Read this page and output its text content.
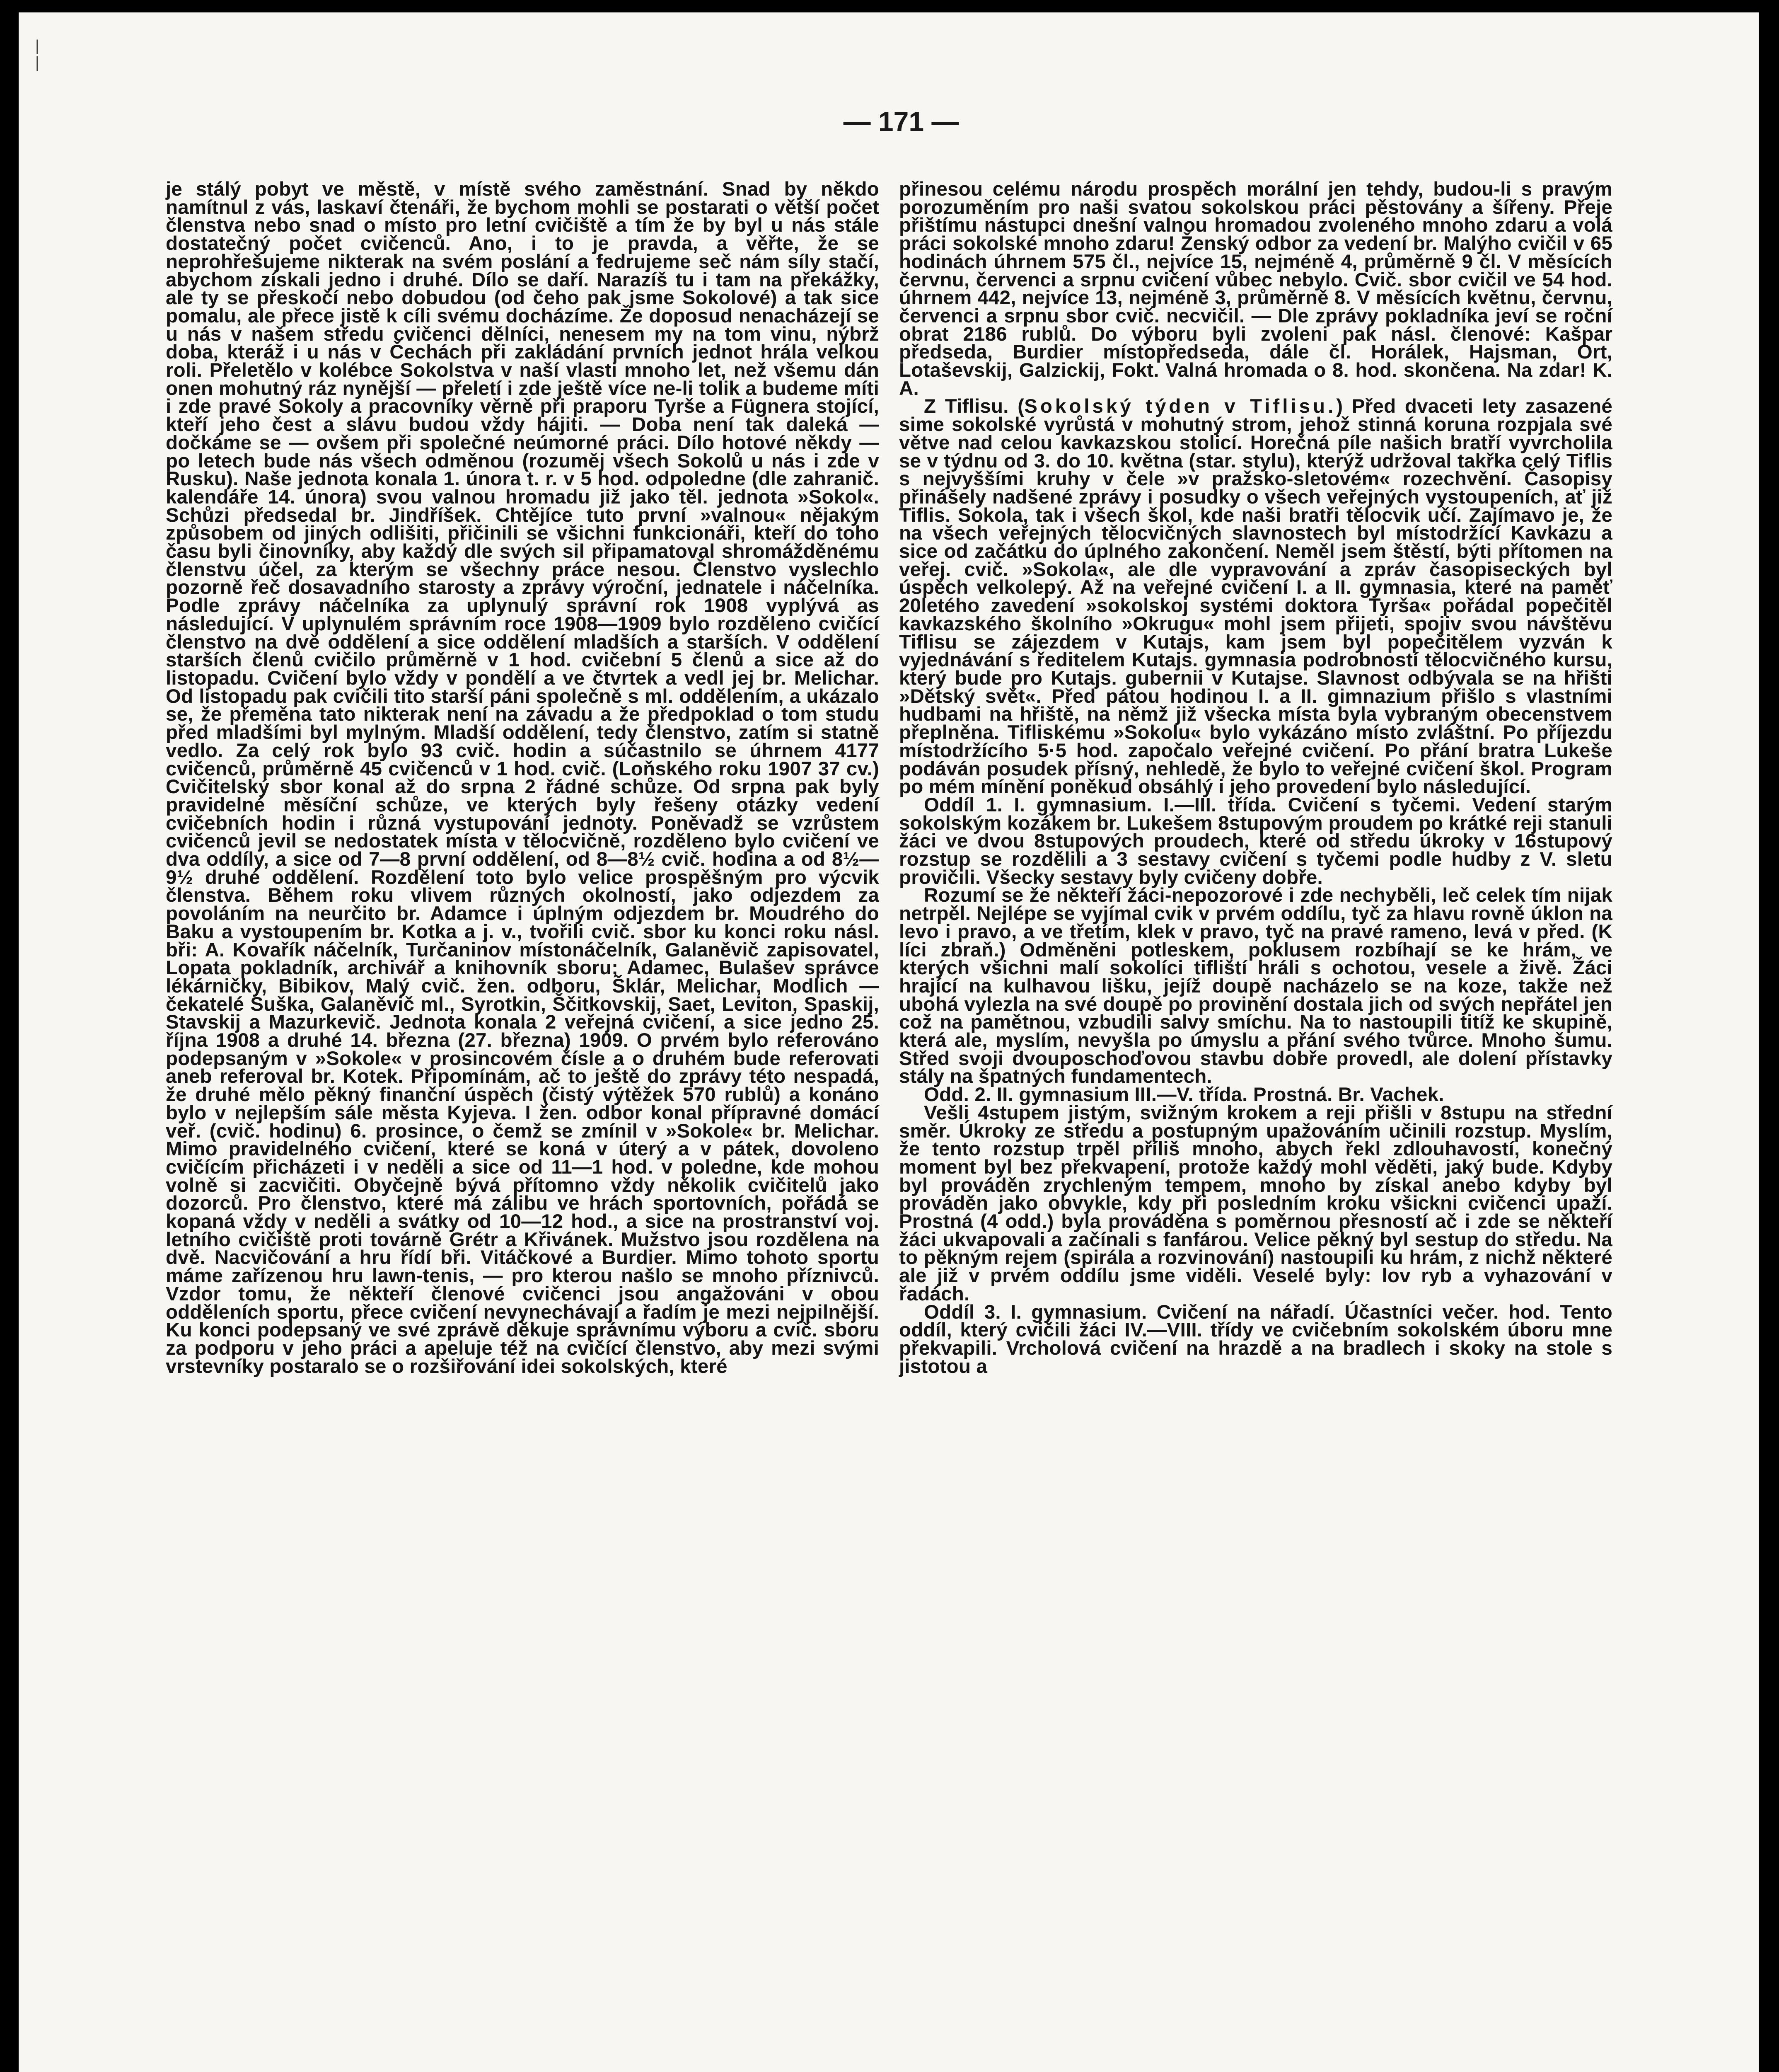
— 171 —
|
|

je stálý pobyt ve městě, v místě svého zaměstnání. Snad by někdo namítnul z vás, laskaví čtenáři, že bychom mohli se postarati o větší počet členstva nebo snad o místo pro letní cvičiště a tím že by byl u nás stále dostatečný počet cvičenců. Ano, i to je pravda, a věřte, že se neprohřešujeme nikterak na svém poslání a fedrujeme seč nám síly stačí, abychom získali jedno i druhé. Dílo se daří. Narazíš tu i tam na překážky, ale ty se přeskočí nebo dobudou (od čeho pak jsme Sokolové) a tak sice pomalu, ale přece jistě k cíli svému docházíme. Že doposud nenacházejí se u nás v našem středu cvičenci dělníci, nenesem my na tom vinu, nýbrž doba, kteráž i u nás v Čechách při zakládání prvních jednot hrála velkou roli. Přeletělo v kolébce Sokolstva v naší vlasti mnoho let, než všemu dán onen mohutný ráz nynější — přeletí i zde ještě více ne-li tolik a budeme míti i zde pravé Sokoly a pracovníky věrně při praporu Tyrše a Fügnera stojící, kteří jeho čest a slávu budou vždy hájiti. — Doba není tak daleká — dočkáme se — ovšem při společné neúmorné práci. Dílo hotové někdy — po letech bude nás všech odměnou (rozuměj všech Sokolů u nás i zde v Rusku). Naše jednota konala 1. února t. r. v 5 hod. odpoledne (dle zahranič. kalendáře 14. února) svou valnou hromadu již jako těl. jednota »Sokol«. Schůzi předsedal br. Jindříšek. Chtějíce tuto první »valnou« nějakým způsobem od jiných odlišiti, přičinili se všichni funkcionáři, kteří do toho času byli činovníky, aby každý dle svých sil připamatoval shromážděnému členstvu účel, za kterým se všechny práce nesou. Členstvo vyslechlo pozorně řeč dosavadního starosty a zprávy výroční, jednatele i náčelníka. Podle zprávy náčelníka za uplynulý správní rok 1908 vyplývá as následující. V uplynulém správním roce 1908—1909 bylo rozděleno cvičící členstvo na dvě oddělení a sice oddělení mladších a starších. V oddělení starších členů cvičilo průměrně v 1 hod. cvičební 5 členů a sice až do listopadu. Cvičení bylo vždy v pondělí a ve čtvrtek a vedl jej br. Melichar. Od listopadu pak cvičili tito starší páni společně s ml. oddělením, a ukázalo se, že přeměna tato nikterak není na závadu a že předpoklad o tom studu před mladšími byl mylným. Mladší oddělení, tedy členstvo, zatím si statně vedlo. Za celý rok bylo 93 cvič. hodin a súčastnilo se úhrnem 4177 cvičenců, průměrně 45 cvičenců v 1 hod. cvič. (Loňského roku 1907 37 cv.) Cvičitelský sbor konal až do srpna 2 řádné schůze. Od srpna pak byly pravidelné měsíční schůze, ve kterých byly řešeny otázky vedení cvičebních hodin i různá vystupování jednoty. Poněvadž se vzrůstem cvičenců jevil se nedostatek místa v tělocvičně, rozděleno bylo cvičení ve dva oddíly, a sice od 7—8 první oddělení, od 8—8½ cvič. hodina a od 8½—9½ druhé oddělení. Rozdělení toto bylo velice prospěšným pro výcvik členstva. Během roku vlivem různých okolností, jako odjezdem za povoláním na neurčito br. Adamce i úplným odjezdem br. Moudrého do Baku a vystoupením br. Kotka a j. v., tvořili cvič. sbor ku konci roku násl. bři: A. Kovařík náčelník, Turčaninov místonáčelník, Galaněvič zapisovatel, Lopata pokladník, archivář a knihovník sboru; Adamec, Bulašev správce lékárničky, Bibikov, Malý cvič. žen. odboru, Šklár, Melichar, Modlich — čekatelé Suška, Galaněvič ml., Syrotkin, Ščitkovskij, Saet, Leviton, Spaskij, Stavskij a Mazurkevič. Jednota konala 2 veřejná cvičení, a sice jedno 25. října 1908 a druhé 14. března (27. března) 1909. O prvém bylo referováno podepsaným v »Sokole« v prosincovém čísle a o druhém bude referovati aneb referoval br. Kotek. Připomínám, ač to ještě do zprávy této nespadá, že druhé mělo pěkný finanční úspěch (čistý výtěžek 570 rublů) a konáno bylo v nejlepším sále města Kyjeva. I žen. odbor konal přípravné domácí veř. (cvič. hodinu) 6. prosince, o čemž se zmínil v »Sokole« br. Melichar. Mimo pravidelného cvičení, které se koná v úterý a v pátek, dovoleno cvičícím přicházeti i v neděli a sice od 11—1 hod. v poledne, kde mohou volně si zacvičiti. Obyčejně bývá přítomno vždy několik cvičitelů jako dozorců. Pro členstvo, které má zálibu ve hrách sportovních, pořádá se kopaná vždy v neděli a svátky od 10—12 hod., a sice na prostranství voj. letního cvičiště proti továrně Grétr a Křivánek. Mužstvo jsou rozdělena na dvě. Nacvičování a hru řídí bři. Vitáčkové a Burdier. Mimo tohoto sportu máme zařízenou hru lawn-tenis, — pro kterou našlo se mnoho příznivců. Vzdor tomu, že někteří členové cvičenci jsou angažováni v obou odděleních sportu, přece cvičení nevynechávají a řadím je mezi nejpilnější. Ku konci podepsaný ve své zprávě děkuje správnímu výboru a cvič. sboru za podporu v jeho práci a apeluje též na cvičící členstvo, aby mezi svými vrstevníky postaralo se o rozšiřování idei sokolských, které

přinesou celému národu prospěch morální jen tehdy, budou-li s pravým porozuměním pro naši svatou sokolskou práci pěstovány a šířeny. Přeje přištímu nástupci dnešní valnou hromadou zvoleného mnoho zdaru a volá práci sokolské mnoho zdaru! Ženský odbor za vedení br. Malýho cvičil v 65 hodinách úhrnem 575 čl., nejvíce 15, nejméně 4, průměrně 9 čl. V měsících červnu, červenci a srpnu cvičení vůbec nebylo. Cvič. sbor cvičil ve 54 hod. úhrnem 442, nejvíce 13, nejméně 3, průměrně 8. V měsících květnu, červnu, červenci a srpnu sbor cvič. necvičil. — Dle zprávy pokladníka jeví se roční obrat 2186 rublů. Do výboru byli zvoleni pak násl. členové: Kašpar předseda, Burdier místopředseda, dále čl. Horálek, Hajsman, Ort, Lotaševskij, Galzickij, Fokt. Valná hromada o 8. hod. skončena. Na zdar! K. A.

Z Tiflisu. (Sokolský týden v Tiflisu.) Před dvaceti lety zasazené sime sokolské vyrůstá v mohutný strom, jehož stinná koruna rozpjala své větve nad celou kavkazskou stolicí. Horečná píle našich bratří vyvrcholila se v týdnu od 3. do 10. května (star. stylu), kterýž udržoval takřka celý Tiflis s nejvyššími kruhy v čele »v pražsko-sletovém« rozechvění. Časopisy přinášely nadšené zprávy i posudky o všech veřejných vystoupeních, ať již Tiflis. Sokola, tak i všech škol, kde naši bratři tělocvik učí. Zajímavo je, že na všech veřejných tělocvičných slavnostech byl místodržící Kavkazu a sice od začátku do úplného zakončení. Neměl jsem štěstí, býti přítomen na veřej. cvič. »Sokola«, ale dle vypravování a zpráv časopiseckých byl úspěch velkolepý. Až na veřejné cvičení I. a II. gymnasia, které na paměť 20letého zavedení »sokolskoj systémi doktora Tyrša« pořádal popečitěl kavkazského školního »Okrugu« mohl jsem přijeti, spojiv svou návštěvu Tiflisu se zájezdem v Kutajs, kam jsem byl popečitělem vyzván k vyjednávání s ředitelem Kutajs. gymnasia podrobností tělocvičného kursu, který bude pro Kutajs. gubernii v Kutajse. Slavnost odbývala se na hřišti »Dětský svět«. Před pátou hodinou I. a II. gimnazium přišlo s vlastními hudbami na hřiště, na němž již všecka místa byla vybraným obecenstvem přeplněna. Tifliskému »Sokolu« bylo vykázáno místo zvláštní. Po příjezdu místodržícího 5·5 hod. započalo veřejné cvičení. Po přání bratra Lukeše podáván posudek přísný, nehledě, že bylo to veřejné cvičení škol. Program po mém mínění poněkud obsáhlý i jeho provedení bylo následující.

Oddíl 1. I. gymnasium. I.—III. třída. Cvičení s tyčemi. Vedení starým sokolským kozákem br. Lukešem 8stupovým proudem po krátké reji stanuli žáci ve dvou 8stupových proudech, které od středu úkroky v 16stupový rozstup se rozdělili a 3 sestavy cvičení s tyčemi podle hudby z V. sletu provičili. Všecky sestavy byly cvičeny dobře.

Rozumí se že někteří žáci-nepozorové i zde nechyběli, leč celek tím nijak netrpěl. Nejlépe se vyjímal cvik v prvém oddílu, tyč za hlavu rovně úklon na levo i pravo, a ve třetím, klek v pravo, tyč na pravé rameno, levá v před. (K líci zbraň.) Odměněni potleskem, poklusem rozbíhají se ke hrám, ve kterých všichni malí sokolíci tifliští hráli s ochotou, vesele a živě. Žáci hrající na kulhavou lišku, jejíž doupě nacházelo se na koze, takže než ubohá vylezla na své doupě po provinění dostala jich od svých nepřátel jen což na pamětnou, vzbudili salvy smíchu. Na to nastoupili titíž ke skupině, která ale, myslím, nevyšla po úmyslu a přání svého tvůrce. Mnoho šumu. Střed svoji dvouposchoďovou stavbu dobře provedl, ale dolení přístavky stály na špatných fundamentech.

Odd. 2. II. gymnasium III.—V. třída. Prostná. Br. Vachek.

Vešli 4stupem jistým, svižným krokem a reji přišli v 8stupu na střední směr. Úkroky ze středu a postupným upažováním učinili rozstup. Myslím, že tento rozstup trpěl příliš mnoho, abych řekl zdlouhavostí, konečný moment byl bez překvapení, protože každý mohl věděti, jaký bude. Kdyby byl prováděn zrychleným tempem, mnoho by získal anebo kdyby byl prováděn jako obvykle, kdy při posledním kroku všickni cvičenci upaží. Prostná (4 odd.) byla prováděna s poměrnou přesností ač i zde se někteří žáci ukvapovali a začínali s fanfárou. Velice pěkný byl sestup do středu. Na to pěkným rejem (spirála a rozvinování) nastoupili ku hrám, z nichž některé ale již v prvém oddílu jsme viděli. Veselé byly: lov ryb a vyhazování v řadách.

Oddíl 3. I. gymnasium. Cvičení na nářadí. Účastníci večer. hod. Tento oddíl, který cvičili žáci IV.—VIII. třídy ve cvičebním sokolském úboru mne překvapili. Vrcholová cvičení na hrazdě a na bradlech i skoky na stole s jistotou a
